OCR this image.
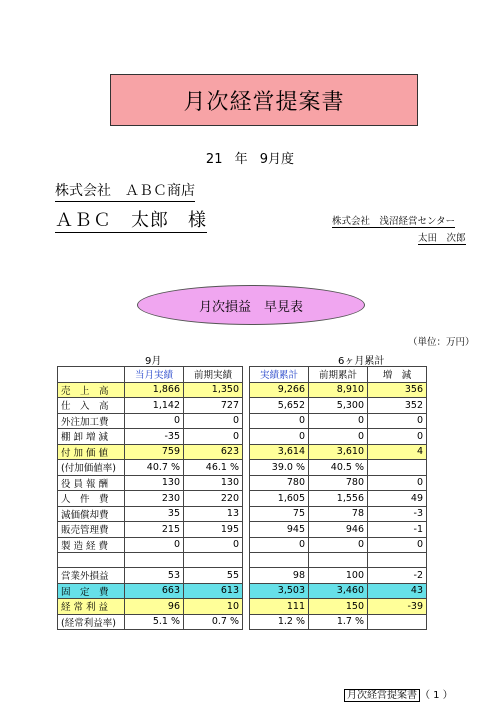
月次経営提案書
21 年 9月度
株式会社　ＡＢＣ商店
ＡＢＣ　太郎　様	株式会社　浅沼経営センター
太田　次郎
月次損益　早見表
（単位：万円）
9月	6ヶ月累計
	当月実績	前期実績		実績累計	前期累計	増　減
売　上　高	1,866	1,350		9,266	8,910	356
仕　入　高	1,142	727		5,652	5,300	352
外注加工費	0	0		0	0	0
棚 卸 増 減	-35	0		0	0	0
付 加 価 値	759	623		3,614	3,610	4
(付加価値率)	40.7 %	46.1 %		39.0 %	40.5 %	
役 員 報 酬	130	130		780	780	0
人　件　費	230	220		1,605	1,556	49
減価償却費	35	13		75	78	-3
販売管理費	215	195		945	946	-1
製 造 経 費	0	0		0	0	0

営業外損益	53	55		98	100	-2
固　定　費	663	613		3,503	3,460	43
経 常 利 益	96	10		111	150	-39
(経常利益率)	5.1 %	0.7 %		1.2 %	1.7 %	
月次経営提案書 （ 1 ）
